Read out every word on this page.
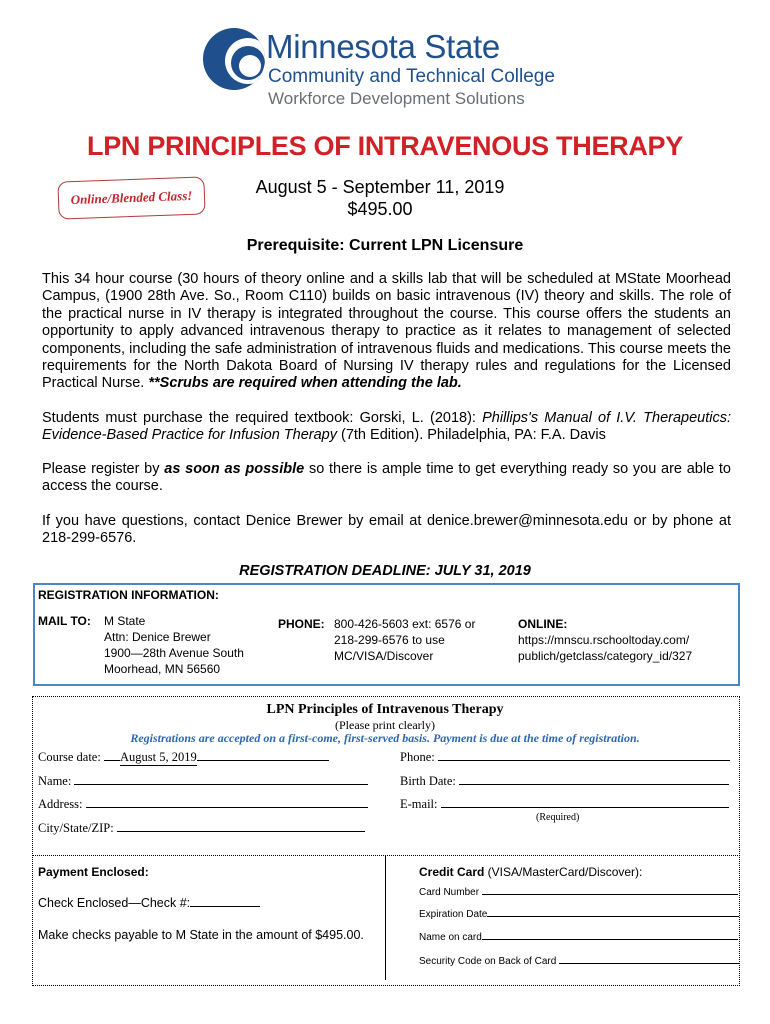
Minnesota State
Community and Technical College
Workforce Development Solutions
LPN PRINCIPLES OF INTRAVENOUS THERAPY
Online/Blended Class!
August 5 - September 11, 2019
$495.00
Prerequisite: Current LPN Licensure
This 34 hour course (30 hours of theory online and a skills lab that will be scheduled at MState Moorhead Campus, (1900 28th Ave. So., Room C110) builds on basic intravenous (IV) theory and skills. The role of the practical nurse in IV therapy is integrated throughout the course. This course offers the students an opportunity to apply advanced intravenous therapy to practice as it relates to management of selected components, including the safe administration of intravenous fluids and medications. This course meets the requirements for the North Dakota Board of Nursing IV therapy rules and regulations for the Licensed Practical Nurse. **Scrubs are required when attending the lab.
Students must purchase the required textbook: Gorski, L. (2018): Phillips's Manual of I.V. Therapeutics: Evidence-Based Practice for Infusion Therapy (7th Edition). Philadelphia, PA: F.A. Davis
Please register by as soon as possible so there is ample time to get everything ready so you are able to access the course.
If you have questions, contact Denice Brewer by email at denice.brewer@minnesota.edu or by phone at 218-299-6576.
REGISTRATION DEADLINE: JULY 31, 2019
REGISTRATION INFORMATION:
MAIL TO: M State
Attn: Denice Brewer
1900—28th Avenue South
Moorhead, MN 56560
PHONE: 800-426-5603 ext: 6576 or
218-299-6576 to use
MC/VISA/Discover
ONLINE:
https://mnscu.rschooltoday.com/
publich/getclass/category_id/327
LPN Principles of Intravenous Therapy
(Please print clearly)
Registrations are accepted on a first-come, first-served basis. Payment is due at the time of registration.
Course date: August 5, 2019	Phone:
Name:	Birth Date:
Address:	E-mail:
(Required)
City/State/ZIP:
Payment Enclosed:
Check Enclosed—Check #:
Make checks payable to M State in the amount of $495.00.
Credit Card (VISA/MasterCard/Discover):
Card Number
Expiration Date
Name on card
Security Code on Back of Card
